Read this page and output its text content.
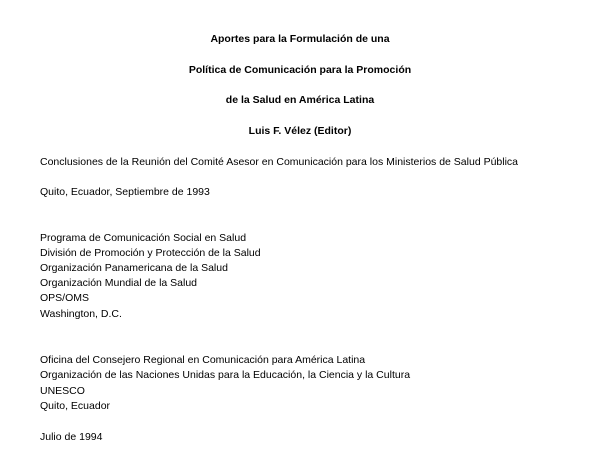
Aportes para la Formulación de una
Política de Comunicación para la Promoción
de la Salud en América Latina
Luis F. Vélez (Editor)
Conclusiones de la Reunión del Comité Asesor en Comunicación para los Ministerios de Salud Pública
Quito, Ecuador, Septiembre de 1993
Programa de Comunicación Social en Salud
División de Promoción y Protección de la Salud
Organización Panamericana de la Salud
Organización Mundial de la Salud
OPS/OMS
Washington, D.C.
Oficina del Consejero Regional en Comunicación para América Latina
Organización de las Naciones Unidas para la Educación, la Ciencia y la Cultura
UNESCO
Quito, Ecuador
Julio de 1994
